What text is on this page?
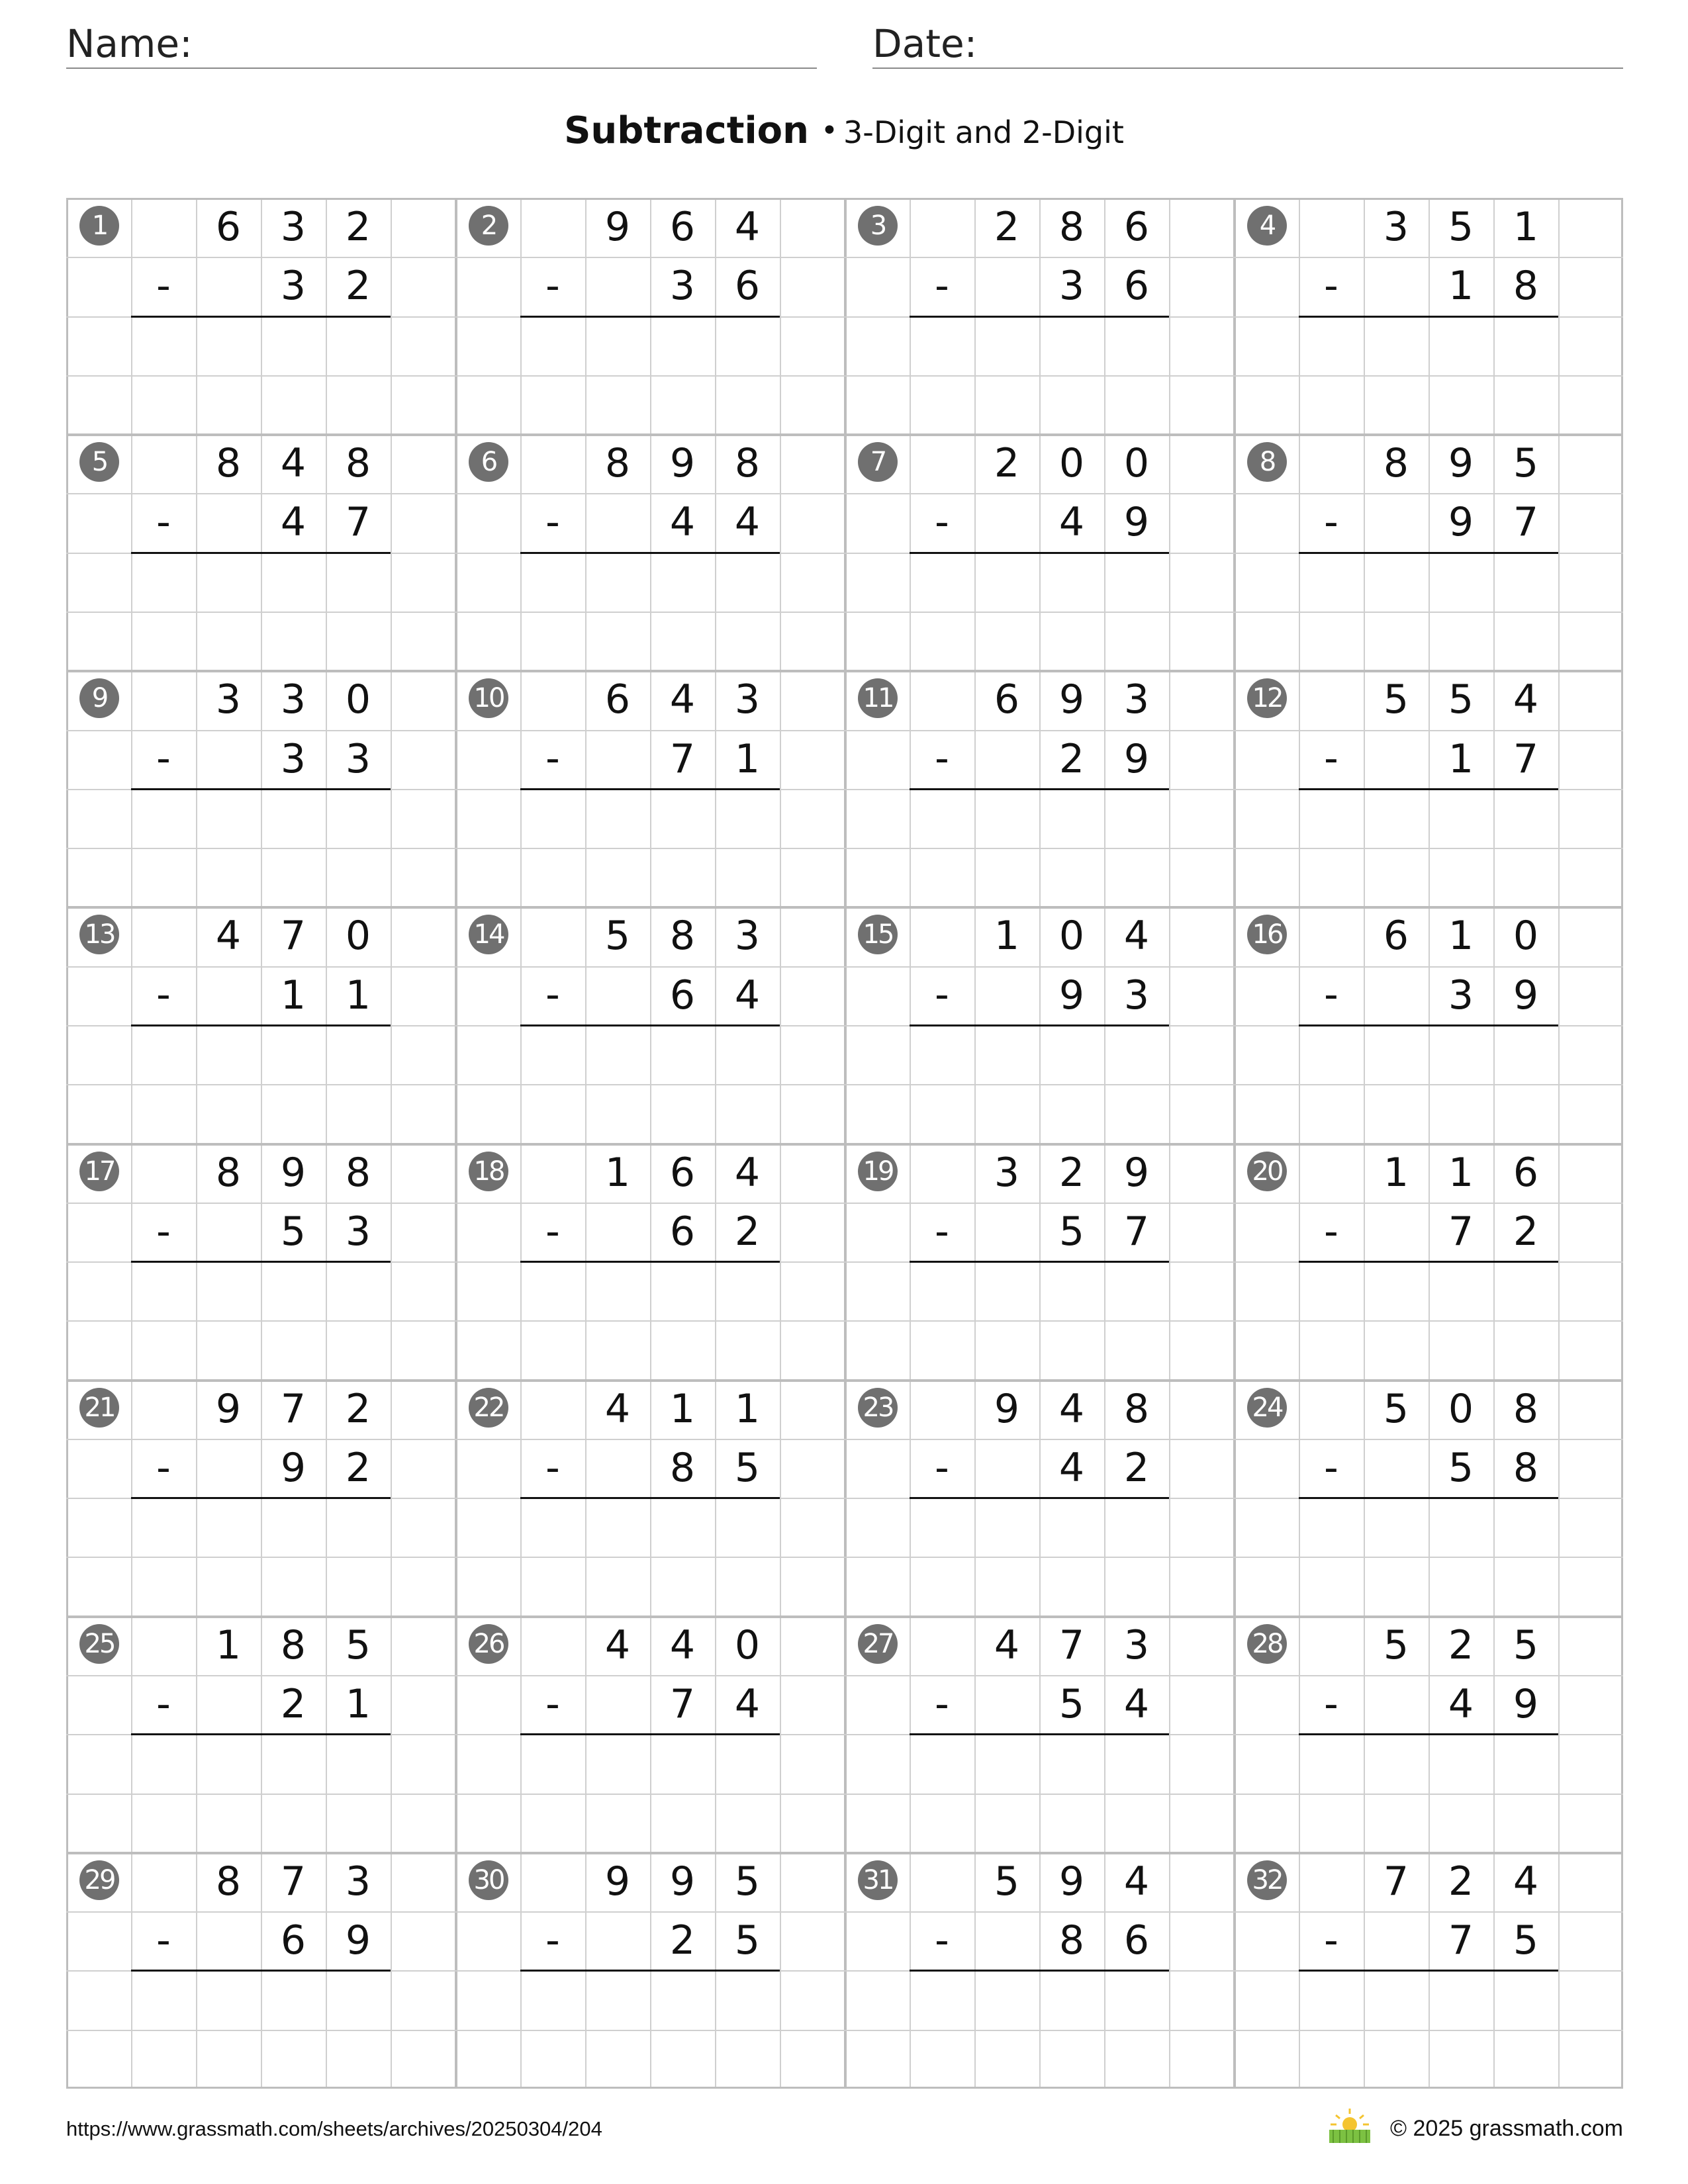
Name:	Date:
Subtraction • 3-Digit and 2-Digit
1	6 3 2
-	3 2
2	9 6 4
-	3 6
3	2 8 6
-	3 6
4	3 5 1
-	1 8
5	8 4 8
-	4 7
6	8 9 8
-	4 4
7	2 0 0
-	4 9
8	8 9 5
-	9 7
9	3 3 0
-	3 3
10	6 4 3
-	7 1
11	6 9 3
-	2 9
12	5 5 4
-	1 7
13	4 7 0
-	1 1
14	5 8 3
-	6 4
15	1 0 4
-	9 3
16	6 1 0
-	3 9
17	8 9 8
-	5 3
18	1 6 4
-	6 2
19	3 2 9
-	5 7
20	1 1 6
-	7 2
21	9 7 2
-	9 2
22	4 1 1
-	8 5
23	9 4 8
-	4 2
24	5 0 8
-	5 8
25	1 8 5
-	2 1
26	4 4 0
-	7 4
27	4 7 3
-	5 4
28	5 2 5
-	4 9
29	8 7 3
-	6 9
30	9 9 5
-	2 5
31	5 9 4
-	8 6
32	7 2 4
-	7 5
https://www.grassmath.com/sheets/archives/20250304/204	© 2025 grassmath.com
